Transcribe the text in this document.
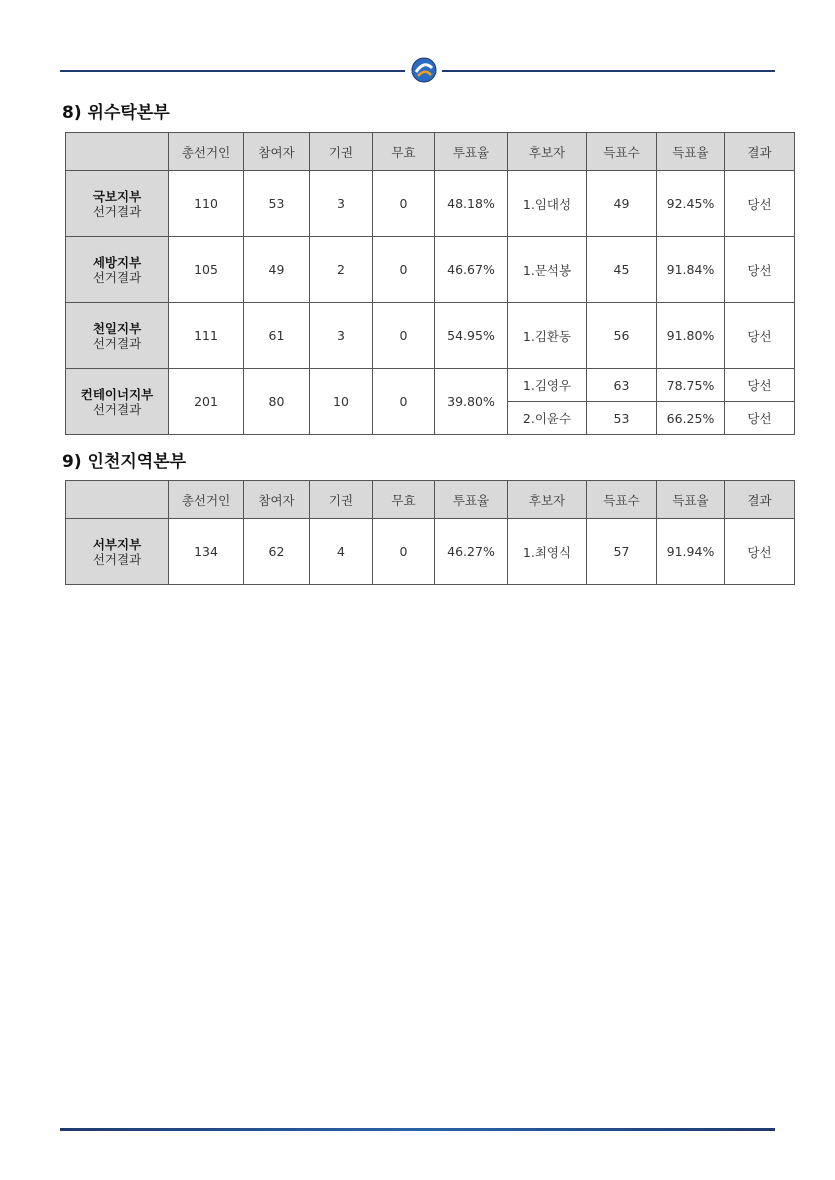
8) 위수탁본부
	총선거인	참여자	기권	무효	투표율	후보자	득표수	득표율	결과

국보지부
선거결과	110	53	3	0	48.18%	1.임대성	49	92.45%	당선

세방지부
선거결과	105	49	2	0	46.67%	1.문석봉	45	91.84%	당선

천일지부
선거결과	111	61	3	0	54.95%	1.김환동	56	91.80%	당선

컨테이너지부
선거결과	201	80	10	0	39.80%	1.김영우	63	78.75%	당선
						2.이윤수	53	66.25%	당선
9) 인천지역본부
	총선거인	참여자	기권	무효	투표율	후보자	득표수	득표율	결과

서부지부
선거결과	134	62	4	0	46.27%	1.최영식	57	91.94%	당선
